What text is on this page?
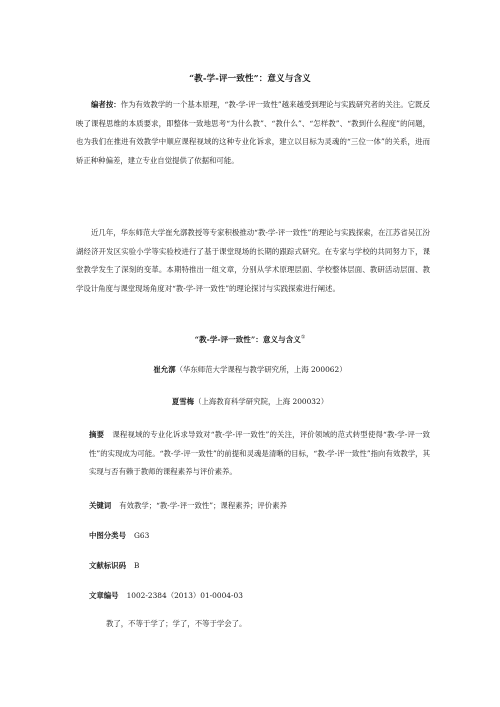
“教-学-评一致性”：意义与含义
编者按：作为有效教学的一个基本原理，“教-学-评一致性”越来越受到理论与实践研究者的关注。它既反映了课程思维的本质要求，即整体一致地思考“为什么教”、“教什么”、“怎样教”、“教到什么程度”的问题，也为我们在推进有效教学中顺应课程视域的这种专业化诉求，建立以目标为灵魂的“三位一体”的关系，进而矫正种种偏差，建立专业自觉提供了依据和可能。
近几年，华东师范大学崔允漷教授等专家积极推动“教-学-评一致性”的理论与实践探索，在江苏省吴江汾湖经济开发区实验小学等实验校进行了基于课堂现场的长期的跟踪式研究。在专家与学校的共同努力下，课堂教学发生了深刻的变革。本期特推出一组文章，分别从学术原理层面、学校整体层面、教研活动层面、教学设计角度与课堂现场角度对“教-学-评一致性”的理论探讨与实践探索进行阐述。
“教-学-评一致性”：意义与含义①
崔允漷（华东师范大学课程与教学研究所，上海 200062）
夏雪梅（上海教育科学研究院，上海 200032）
摘要 课程视域的专业化诉求导致对“教-学-评一致性”的关注，评价领域的范式转型使得“教-学-评一致性”的实现成为可能。“教-学-评一致性”的前提和灵魂是清晰的目标，“教-学-评一致性”指向有效教学，其实现与否有赖于教师的课程素养与评价素养。
关键词 有效教学；“教-学-评一致性”；课程素养；评价素养
中图分类号 G63
文献标识码 B
文章编号 1002-2384（2013）01-0004-03
教了，不等于学了；学了，不等于学会了。
